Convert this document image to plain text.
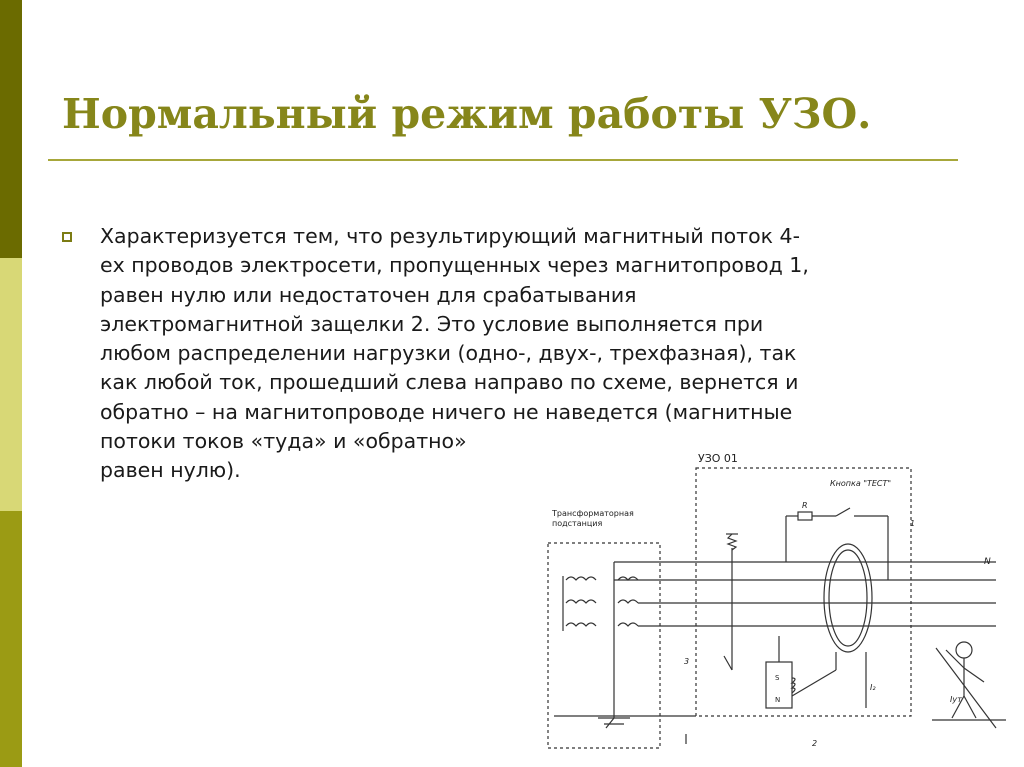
Нормальный режим работы УЗО.

Характеризуется тем, что результирующий магнитный поток 4-
ех проводов электросети, пропущенных через магнитопровод 1,
равен нулю или недостаточен для срабатывания
электромагнитной защелки 2. Это условие выполняется при
любом распределении нагрузки (одно-, двух-, трехфазная), так
как любой ток, прошедший слева направо по схеме, вернется и
обратно – на магнитопроводе ничего не наведется (магнитные
потоки токов «туда» и «обратно»
равен нулю).	УЗО 01
Трансформаторная
подстанция
Кнопка "ТЕСТ"
R
N
1
2
3
S
N
I₂
Iут
